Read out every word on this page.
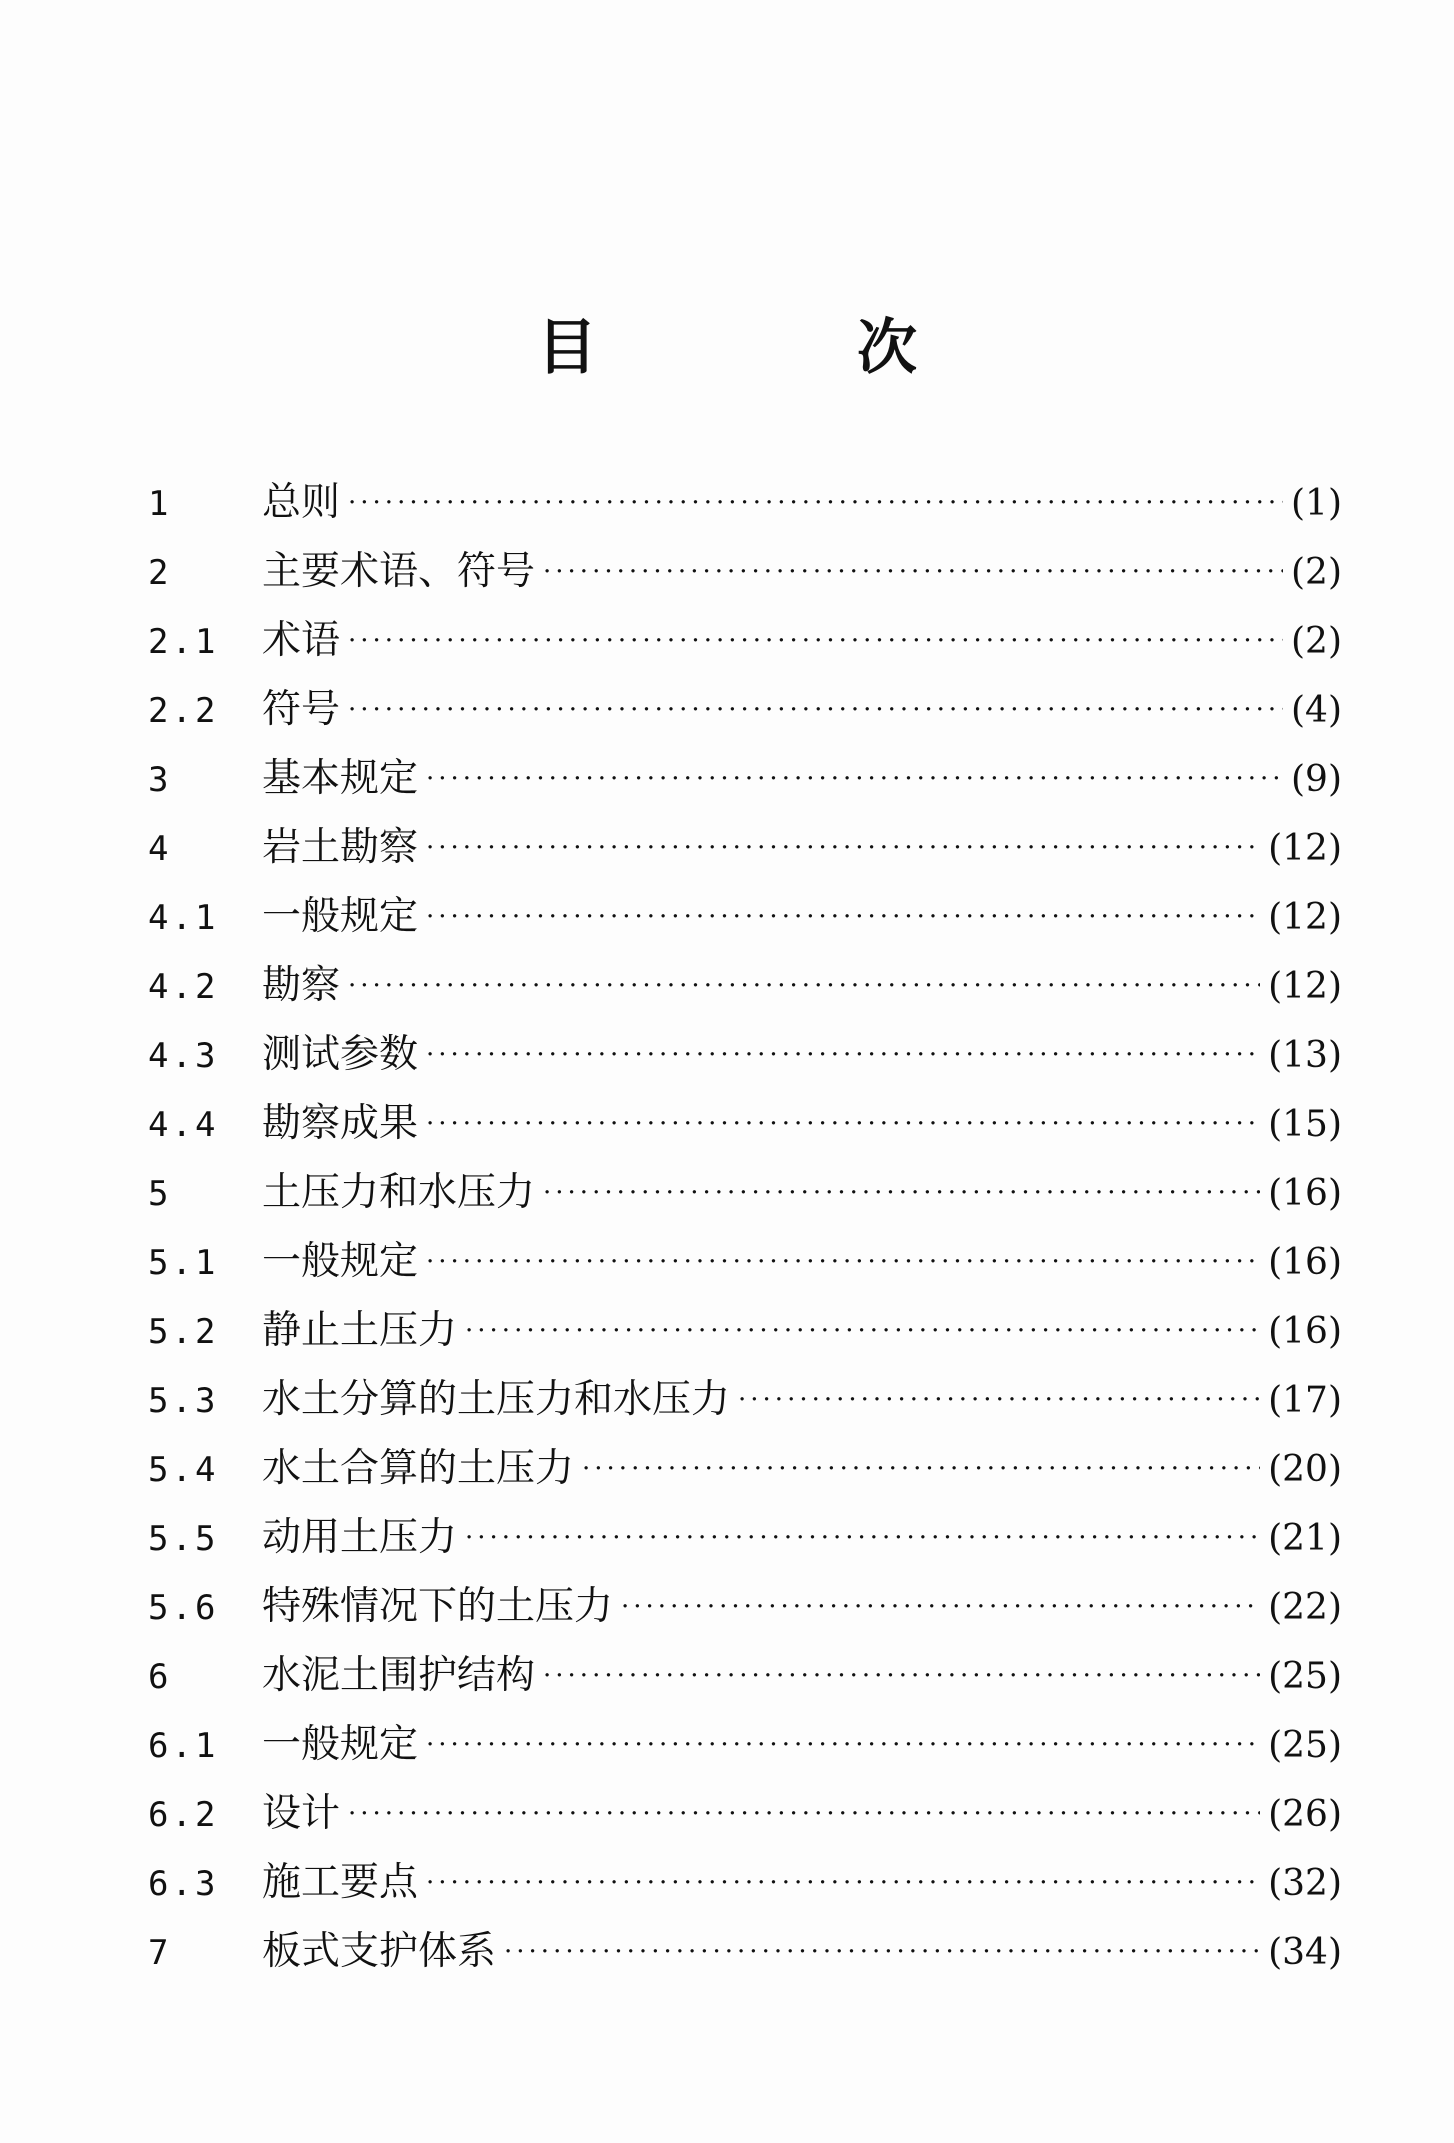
目　次
1	总则 ·····	(1)
2	主要术语、符号 ·····	(2)
2.1	术语 ·····	(2)
2.2	符号 ·····	(4)
3	基本规定 ·····	(9)
4	岩土勘察 ·····	(12)
4.1	一般规定 ·····	(12)
4.2	勘察 ·····	(12)
4.3	测试参数 ·····	(13)
4.4	勘察成果 ·····	(15)
5	土压力和水压力 ·····	(16)
5.1	一般规定 ·····	(16)
5.2	静止土压力 ·····	(16)
5.3	水土分算的土压力和水压力 ·····	(17)
5.4	水土合算的土压力 ·····	(20)
5.5	动用土压力 ·····	(21)
5.6	特殊情况下的土压力 ·····	(22)
6	水泥土围护结构 ·····	(25)
6.1	一般规定 ·····	(25)
6.2	设计 ·····	(26)
6.3	施工要点 ·····	(32)
7	板式支护体系 ·····	(34)
